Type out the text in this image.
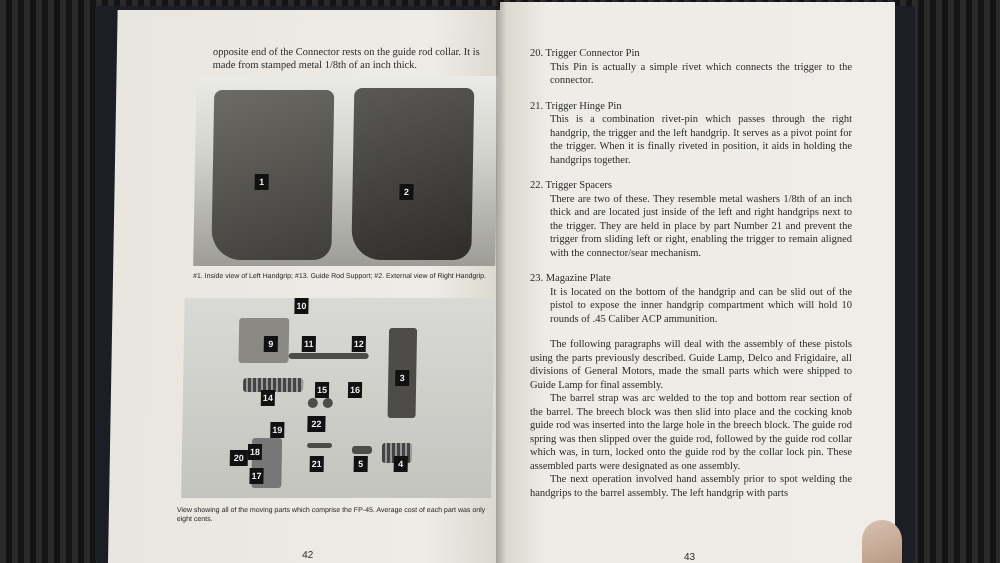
opposite end of the Connector rests on the guide rod collar. It is made from stamped metal 1/8th of an inch thick.
1
2
#1. Inside view of Left Handgrip; #13. Guide Rod Support; #2. External view of Right Handgrip.
10
9	11	12
3
14
15	16
22
19
20
18
17
21	5	4
View showing all of the moving parts which comprise the FP-45. Average cost of each part was only eight cents.
42
20. Trigger Connector Pin
This Pin is actually a simple rivet which connects the trigger to the connector.
21. Trigger Hinge Pin
This is a combination rivet-pin which passes through the right handgrip, the trigger and the left handgrip. It serves as a pivot point for the trigger. When it is finally riveted in position, it aids in holding the handgrips together.
22. Trigger Spacers
There are two of these. They resemble metal washers 1/8th of an inch thick and are located just inside of the left and right handgrips next to the trigger. They are held in place by part Number 21 and prevent the trigger from sliding left or right, enabling the trigger to remain aligned with the connector/sear mechanism.
23. Magazine Plate
It is located on the bottom of the handgrip and can be slid out of the pistol to expose the inner handgrip compartment which will hold 10 rounds of .45 Caliber ACP ammunition.

The following paragraphs will deal with the assembly of these pistols using the parts previously described. Guide Lamp, Delco and Frigidaire, all divisions of General Motors, made the small parts which were shipped to Guide Lamp for final assembly.

The barrel strap was arc welded to the top and bottom rear section of the barrel. The breech block was then slid into place and the cocking knob guide rod was inserted into the large hole in the breech block. The guide rod spring was then slipped over the guide rod, followed by the guide rod collar which was, in turn, locked onto the guide rod by the collar lock pin. These assembled parts were designated as one assembly.

The next operation involved hand assembly prior to spot welding the handgrips to the barrel assembly. The left handgrip with parts

43
